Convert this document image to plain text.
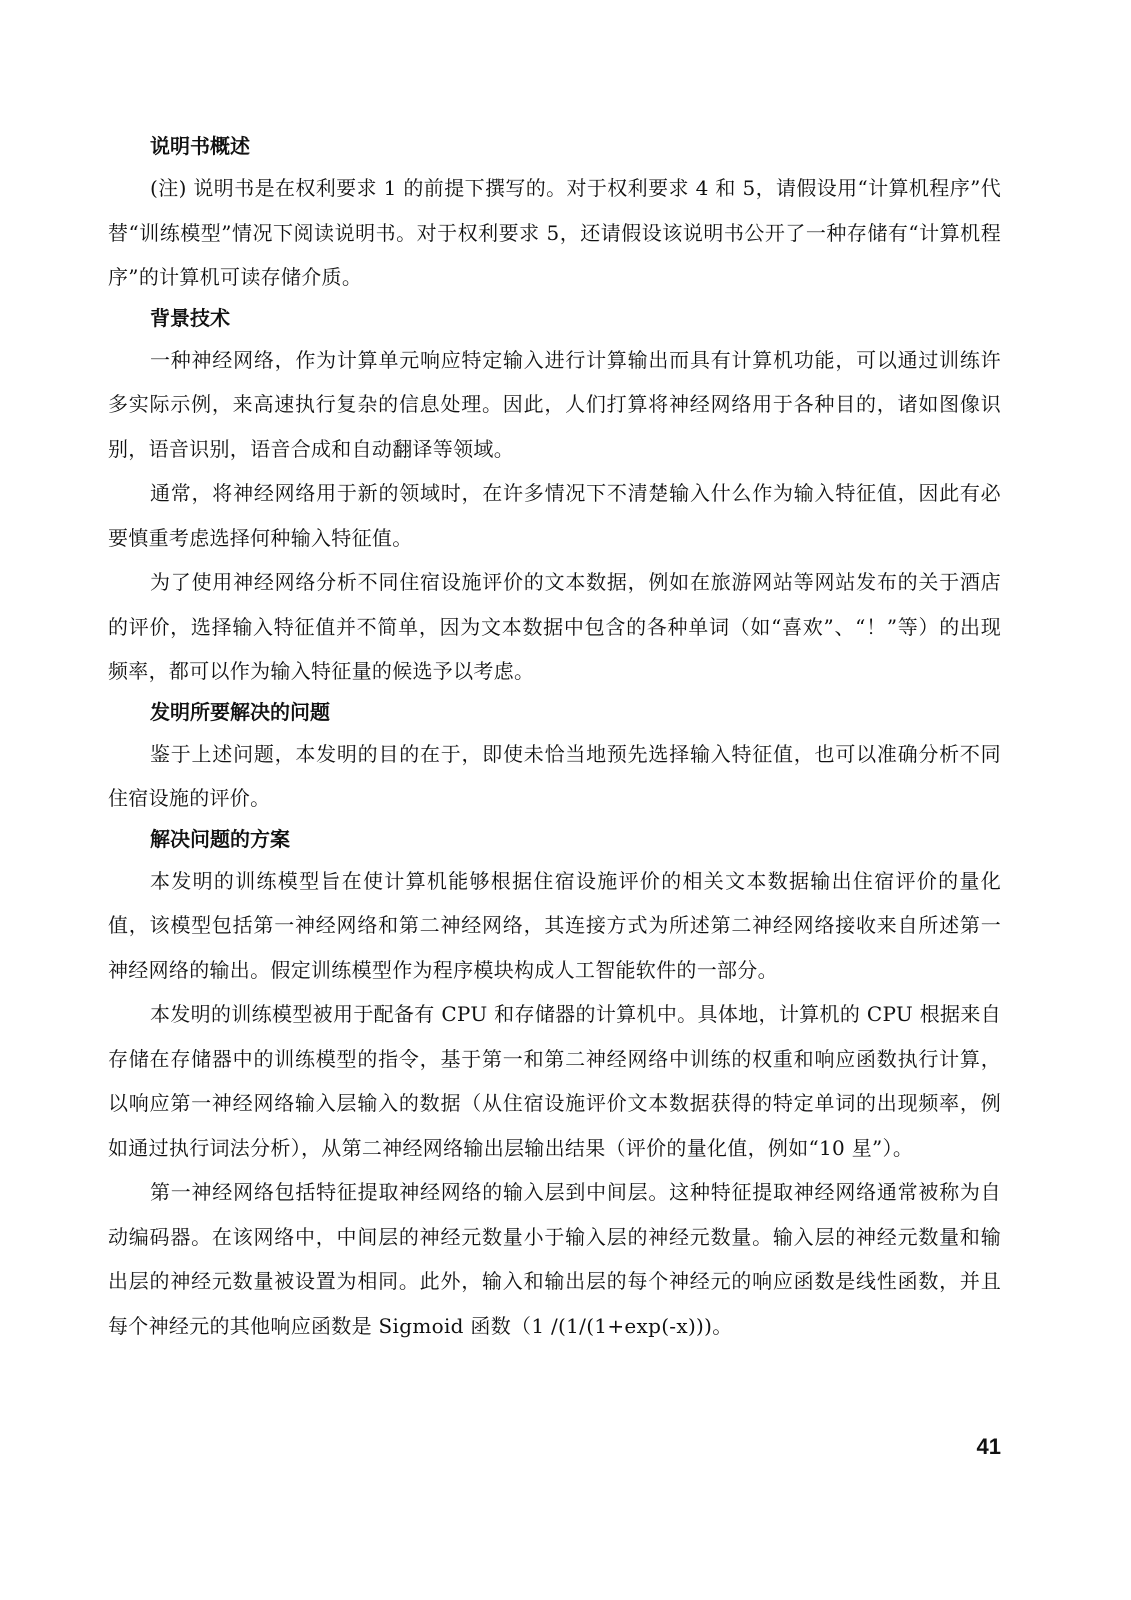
说明书概述

(注) 说明书是在权利要求 1 的前提下撰写的。对于权利要求 4 和 5，请假设用“计算机程序”代替“训练模型”情况下阅读说明书。对于权利要求 5，还请假设该说明书公开了一种存储有“计算机程序”的计算机可读存储介质。

背景技术

一种神经网络，作为计算单元响应特定输入进行计算输出而具有计算机功能，可以通过训练许多实际示例，来高速执行复杂的信息处理。因此，人们打算将神经网络用于各种目的，诸如图像识别，语音识别，语音合成和自动翻译等领域。

通常，将神经网络用于新的领域时，在许多情况下不清楚输入什么作为输入特征值，因此有必要慎重考虑选择何种输入特征值。

为了使用神经网络分析不同住宿设施评价的文本数据，例如在旅游网站等网站发布的关于酒店的评价，选择输入特征值并不简单，因为文本数据中包含的各种单词（如“喜欢”、“！”等）的出现频率，都可以作为输入特征量的候选予以考虑。

发明所要解决的问题

鉴于上述问题，本发明的目的在于，即使未恰当地预先选择输入特征值，也可以准确分析不同住宿设施的评价。

解决问题的方案

本发明的训练模型旨在使计算机能够根据住宿设施评价的相关文本数据输出住宿评价的量化值，该模型包括第一神经网络和第二神经网络，其连接方式为所述第二神经网络接收来自所述第一神经网络的输出。假定训练模型作为程序模块构成人工智能软件的一部分。

本发明的训练模型被用于配备有 CPU 和存储器的计算机中。具体地，计算机的 CPU 根据来自存储在存储器中的训练模型的指令，基于第一和第二神经网络中训练的权重和响应函数执行计算，以响应第一神经网络输入层输入的数据（从住宿设施评价文本数据获得的特定单词的出现频率，例如通过执行词法分析），从第二神经网络输出层输出结果（评价的量化值，例如“10 星”）。

第一神经网络包括特征提取神经网络的输入层到中间层。这种特征提取神经网络通常被称为自动编码器。在该网络中，中间层的神经元数量小于输入层的神经元数量。输入层的神经元数量和输出层的神经元数量被设置为相同。此外，输入和输出层的每个神经元的响应函数是线性函数，并且每个神经元的其他响应函数是 Sigmoid 函数（1 /(1/(1+exp(-x)))。

41
